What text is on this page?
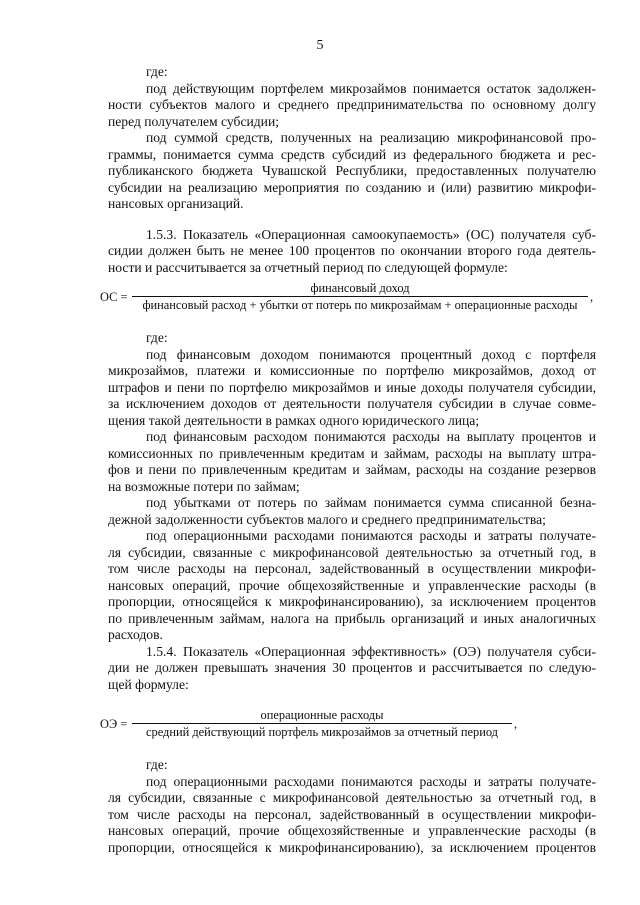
5
где:
под действующим портфелем микрозаймов понимается остаток задолжен-
ности субъектов малого и среднего предпринимательства по основному долгу
перед получателем субсидии;
под суммой средств, полученных на реализацию микрофинансовой про-
граммы, понимается сумма средств субсидий из федерального бюджета и рес-
публиканского бюджета Чувашской Республики, предоставленных получателю
субсидии на реализацию мероприятия по созданию и (или) развитию микрофи-
нансовых организаций.
1.5.3. Показатель «Операционная самоокупаемость» (ОС) получателя суб-
сидии должен быть не менее 100 процентов по окончании второго года деятель-
ности и рассчитывается за отчетный период по следующей формуле:
ОС =
финансовый доход
финансовый расход + убытки от потерь по микрозаймам + операционные расходы
,
где:
под финансовым доходом понимаются процентный доход с портфеля
микрозаймов, платежи и комиссионные по портфелю микрозаймов, доход от
штрафов и пени по портфелю микрозаймов и иные доходы получателя субсидии,
за исключением доходов от деятельности получателя субсидии в случае совме-
щения такой деятельности в рамках одного юридического лица;
под финансовым расходом понимаются расходы на выплату процентов и
комиссионных по привлеченным кредитам и займам, расходы на выплату штра-
фов и пени по привлеченным кредитам и займам, расходы на создание резервов
на возможные потери по займам;
под убытками от потерь по займам понимается сумма списанной безна-
дежной задолженности субъектов малого и среднего предпринимательства;
под операционными расходами понимаются расходы и затраты получате-
ля субсидии, связанные с микрофинансовой деятельностью за отчетный год, в
том числе расходы на персонал, задействованный в осуществлении микрофи-
нансовых операций, прочие общехозяйственные и управленческие расходы (в
пропорции, относящейся к микрофинансированию), за исключением процентов
по привлеченным займам, налога на прибыль организаций и иных аналогичных
расходов.
1.5.4. Показатель «Операционная эффективность» (ОЭ) получателя субси-
дии не должен превышать значения 30 процентов и рассчитывается по следую-
щей формуле:
ОЭ =
операционные расходы
средний действующий портфель микрозаймов за отчетный период
,
где:
под операционными расходами понимаются расходы и затраты получате-
ля субсидии, связанные с микрофинансовой деятельностью за отчетный год, в
том числе расходы на персонал, задействованный в осуществлении микрофи-
нансовых операций, прочие общехозяйственные и управленческие расходы (в
пропорции, относящейся к микрофинансированию), за исключением процентов
